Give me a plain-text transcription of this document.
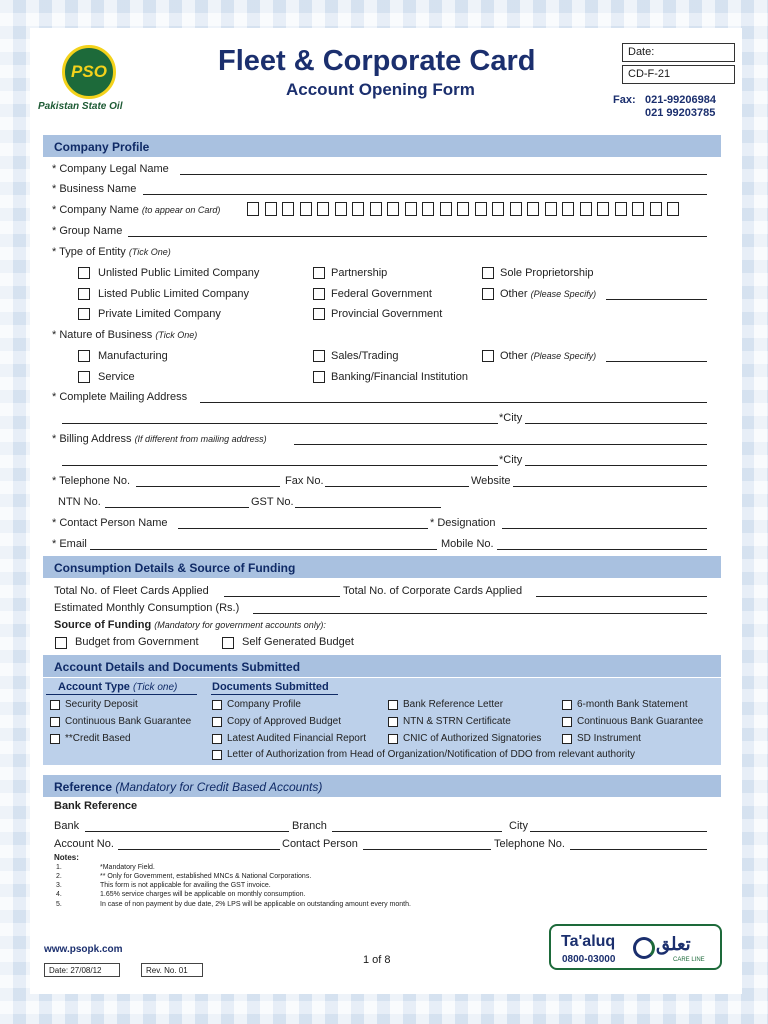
PSO
Pakistan State Oil
Fleet & Corporate Card
Account Opening Form
Date:
CD-F-21
Fax: 021-99206984
021 99203785
Company Profile
* Company Legal Name
* Business Name
* Company Name (to appear on Card)
* Group Name
* Type of Entity (Tick One)
Unlisted Public Limited Company	Partnership	Sole Proprietorship
Listed Public Limited Company	Federal Government	Other (Please Specify)
Private Limited Company	Provincial Government
* Nature of Business (Tick One)
Manufacturing	Sales/Trading	Other (Please Specify)
Service	Banking/Financial Institution
* Complete Mailing Address
*City
* Billing Address (If different from mailing address)
*City
* Telephone No.	Fax No.	Website
NTN No.	GST No.
* Contact Person Name	* Designation
* Email	Mobile No.
Consumption Details & Source of Funding
Total No. of Fleet Cards Applied	Total No. of Corporate Cards Applied
Estimated Monthly Consumption (Rs.)
Source of Funding (Mandatory for government accounts only):
Budget from Government	Self Generated Budget
Account Details and Documents Submitted
Account Type (Tick one)	Documents Submitted
Security Deposit
Continuous Bank Guarantee
**Credit Based
Company Profile	Bank Reference Letter	6-month Bank Statement
Copy of Approved Budget	NTN & STRN Certificate	Continuous Bank Guarantee
Latest Audited Financial Report	CNIC of Authorized Signatories	SD Instrument
Letter of Authorization from Head of Organization/Notification of DDO from relevant authority
Reference (Mandatory for Credit Based Accounts)
Bank Reference
Bank	Branch	City
Account No.	Contact Person	Telephone No.
Notes:
1.	*Mandatory Field.
2.	** Only for Government, established MNCs & National Corporations.
3.	This form is not applicable for availing the GST invoice.
4.	1.65% service charges will be applicable on monthly consumption.
5.	In case of non payment by due date, 2% LPS will be applicable on outstanding amount every month.
www.psopk.com
Date: 27/08/12	Rev. No. 01
1 of 8
Ta'aluq
0800-03000
تعلق
CARE LINE
